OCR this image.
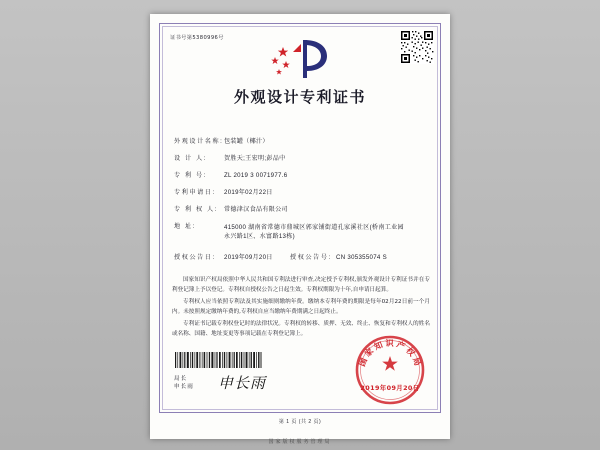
证书号第5380996号
外观设计专利证书
外观设计名称:包装罐（椰汁）
设 计 人:	贺胜天;王宏明;彭品中
专 利 号:	ZL 2019 3 0071977.6
专利申请日: 2019年02月22日
专 利 权 人: 常德津汉食品有限公司
地 址:	415000 湖南省常德市鼎城区郭家铺街道孔家溪社区(桥南工业园永兴路1区、水富路13栋)
授权公告日: 2019年09月20日	授权公告号: CN 305355074 S

国家知识产权局依照中华人民共和国专利法进行审查,决定授予专利权,颁发外观设计专利证书并在专利登记簿上予以登记。专利权自授权公告之日起生效。专利权期限为十年,自申请日起算。

专利权人应当依照专利法及其实施细则缴纳年费。缴纳本专利年费的期限是每年02月22日前一个月内。未按照规定缴纳年费的,专利权自应当缴纳年费期满之日起终止。

专利证书记载专利权登记时的法律状况。专利权的转移、质押、无效、终止、恢复和专利权人的姓名或名称、国籍、地址变更等事项记载在专利登记簿上。

局长
申长雨 申长雨
国家知识产权局
2019年09月20日
第 1 页 (共 2 页)
国家版权服务管理局
